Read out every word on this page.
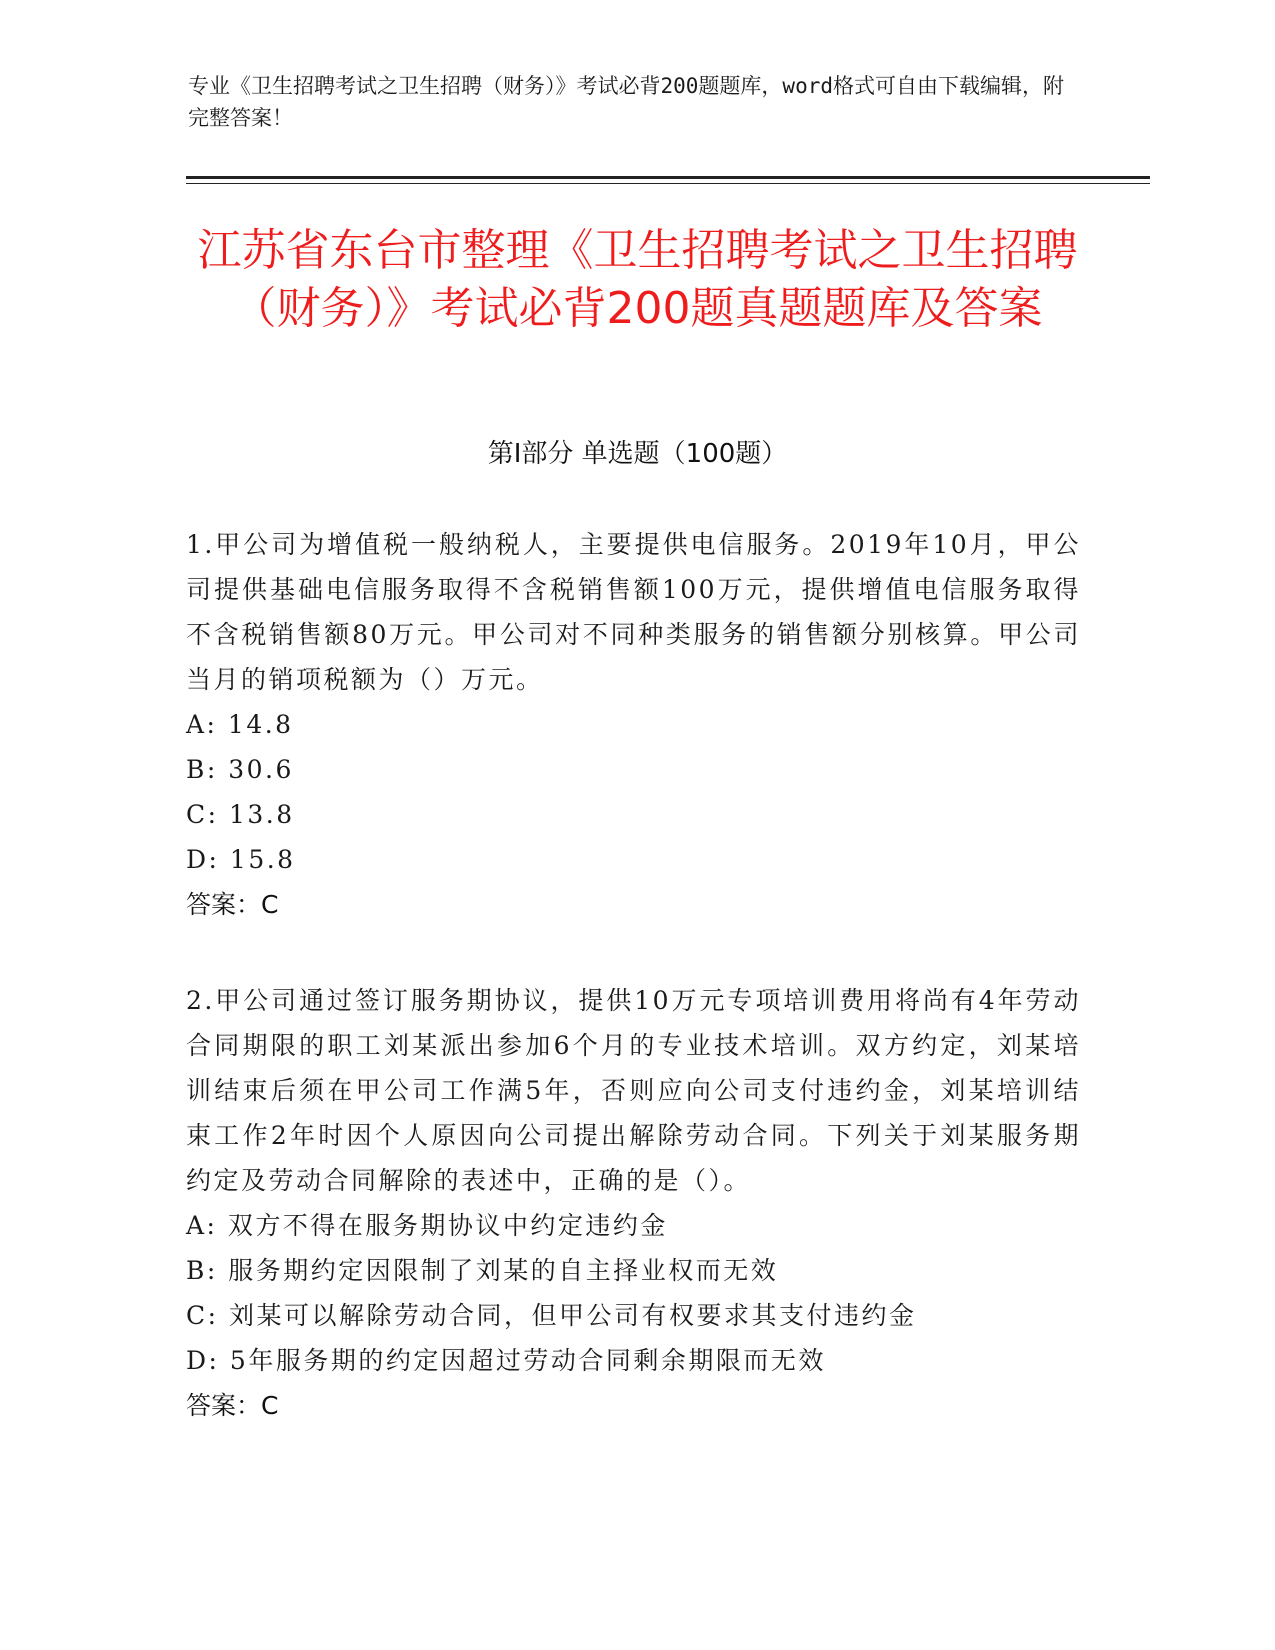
专业《卫生招聘考试之卫生招聘（财务）》考试必背200题题库，word格式可自由下载编辑，附完整答案！

江苏省东台市整理《卫生招聘考试之卫生招聘（财务）》考试必背200题真题题库及答案
第Ⅰ部分 单选题（100题）

1.甲公司为增值税一般纳税人，主要提供电信服务。2019年10月，甲公司提供基础电信服务取得不含税销售额100万元，提供增值电信服务取得不含税销售额80万元。甲公司对不同种类服务的销售额分别核算。甲公司当月的销项税额为（）万元。

A: 14.8

B: 30.6

C: 13.8

D: 15.8

答案：C

2.甲公司通过签订服务期协议，提供10万元专项培训费用将尚有4年劳动合同期限的职工刘某派出参加6个月的专业技术培训。双方约定，刘某培训结束后须在甲公司工作满5年，否则应向公司支付违约金，刘某培训结束工作2年时因个人原因向公司提出解除劳动合同。下列关于刘某服务期约定及劳动合同解除的表述中，正确的是（）。

A: 双方不得在服务期协议中约定违约金

B: 服务期约定因限制了刘某的自主择业权而无效

C: 刘某可以解除劳动合同，但甲公司有权要求其支付违约金

D: 5年服务期的约定因超过劳动合同剩余期限而无效

答案：C
